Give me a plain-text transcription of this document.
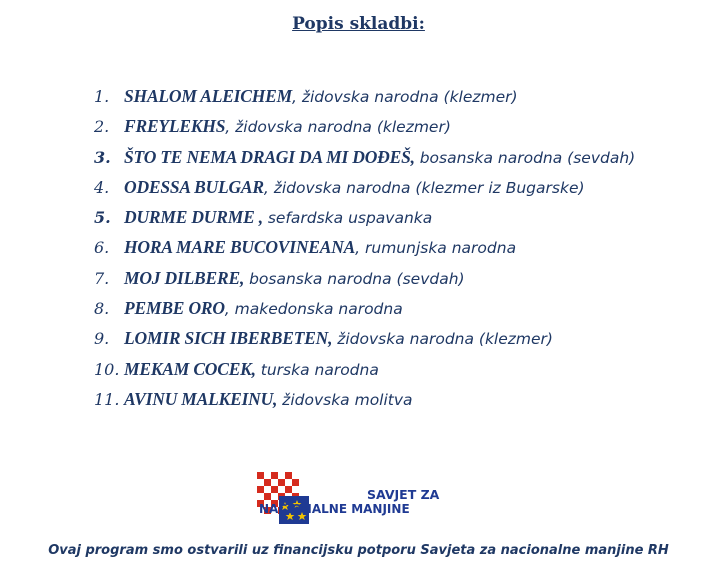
Popis skladbi:
1. SHALOM ALEICHEM, židovska narodna (klezmer)
2. FREYLEKHS, židovska narodna (klezmer)
3. ŠTO TE NEMA DRAGI DA MI DOĐEŠ, bosanska narodna (sevdah)
4. ODESSA BULGAR, židovska narodna (klezmer iz Bugarske)
5. DURME DURME , sefardska uspavanka
6. HORA MARE BUCOVINEANA, rumunjska narodna
7. MOJ DILBERE, bosanska narodna (sevdah)
8. PEMBE ORO, makedonska narodna
9. LOMIR SICH IBERBETEN, židovska narodna (klezmer)
10. MEKAM COCEK, turska narodna
11. AVINU MALKEINU, židovska molitva
SAVJET ZA
NACIONALNE MANJINE
Ovaj program smo ostvarili uz financijsku potporu Savjeta za nacionalne manjine RH
